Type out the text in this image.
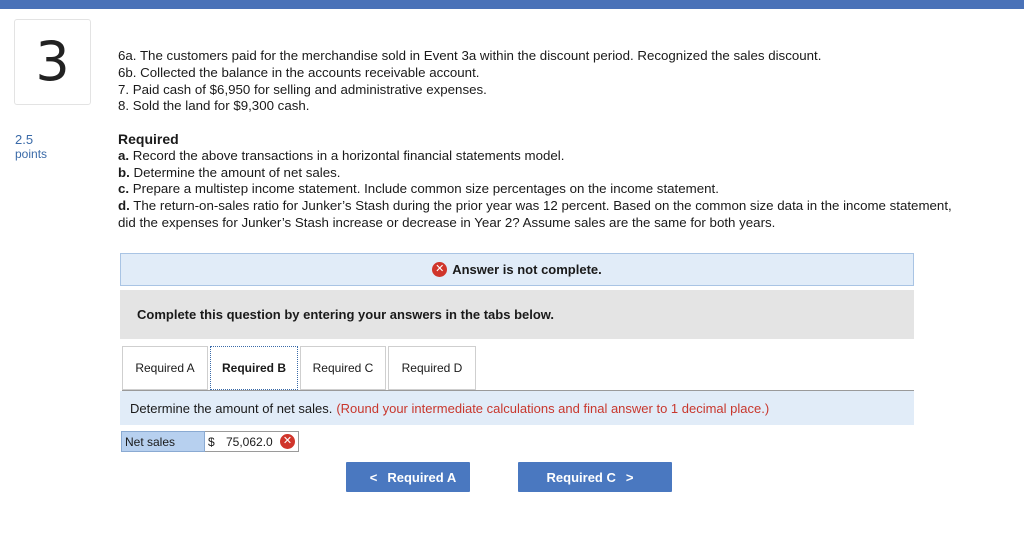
3
2.5
points
6a. The customers paid for the merchandise sold in Event 3a within the discount period. Recognized the sales discount.
6b. Collected the balance in the accounts receivable account.
7. Paid cash of $6,950 for selling and administrative expenses.
8. Sold the land for $9,300 cash.
Required
a. Record the above transactions in a horizontal financial statements model.
b. Determine the amount of net sales.
c. Prepare a multistep income statement. Include common size percentages on the income statement.
d. The return-on-sales ratio for Junker’s Stash during the prior year was 12 percent. Based on the common size data in the income statement, did the expenses for Junker’s Stash increase or decrease in Year 2? Assume sales are the same for both years.
✕ Answer is not complete.
Complete this question by entering your answers in the tabs below.
Required A Required B Required C Required D
Determine the amount of net sales. (Round your intermediate calculations and final answer to 1 decimal place.)
Net sales	$ 75,062.0 ✕
< Required A	Required C >
